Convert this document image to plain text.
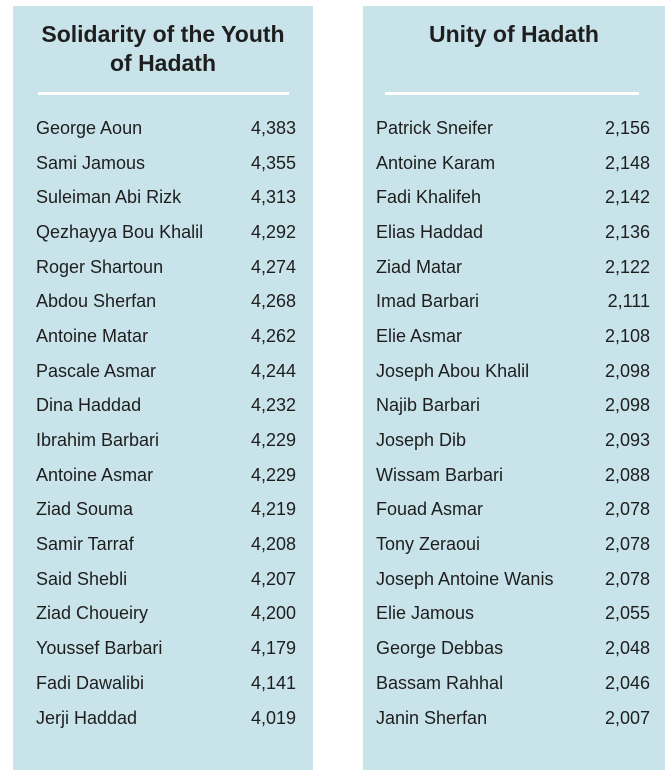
Solidarity of the Youth of Hadath
George Aoun	4,383
Sami Jamous	4,355
Suleiman Abi Rizk	4,313
Qezhayya Bou Khalil	4,292
Roger Shartoun	4,274
Abdou Sherfan	4,268
Antoine Matar	4,262
Pascale Asmar	4,244
Dina Haddad	4,232
Ibrahim Barbari	4,229
Antoine Asmar	4,229
Ziad Souma	4,219
Samir Tarraf	4,208
Said Shebli	4,207
Ziad Choueiry	4,200
Youssef Barbari	4,179
Fadi Dawalibi	4,141
Jerji Haddad	4,019
Unity of Hadath
Patrick Sneifer	2,156
Antoine Karam	2,148
Fadi Khalifeh	2,142
Elias Haddad	2,136
Ziad Matar	2,122
Imad Barbari	2,111
Elie Asmar	2,108
Joseph Abou Khalil	2,098
Najib Barbari	2,098
Joseph Dib	2,093
Wissam Barbari	2,088
Fouad Asmar	2,078
Tony Zeraoui	2,078
Joseph Antoine Wanis	2,078
Elie Jamous	2,055
George Debbas	2,048
Bassam Rahhal	2,046
Janin Sherfan	2,007
